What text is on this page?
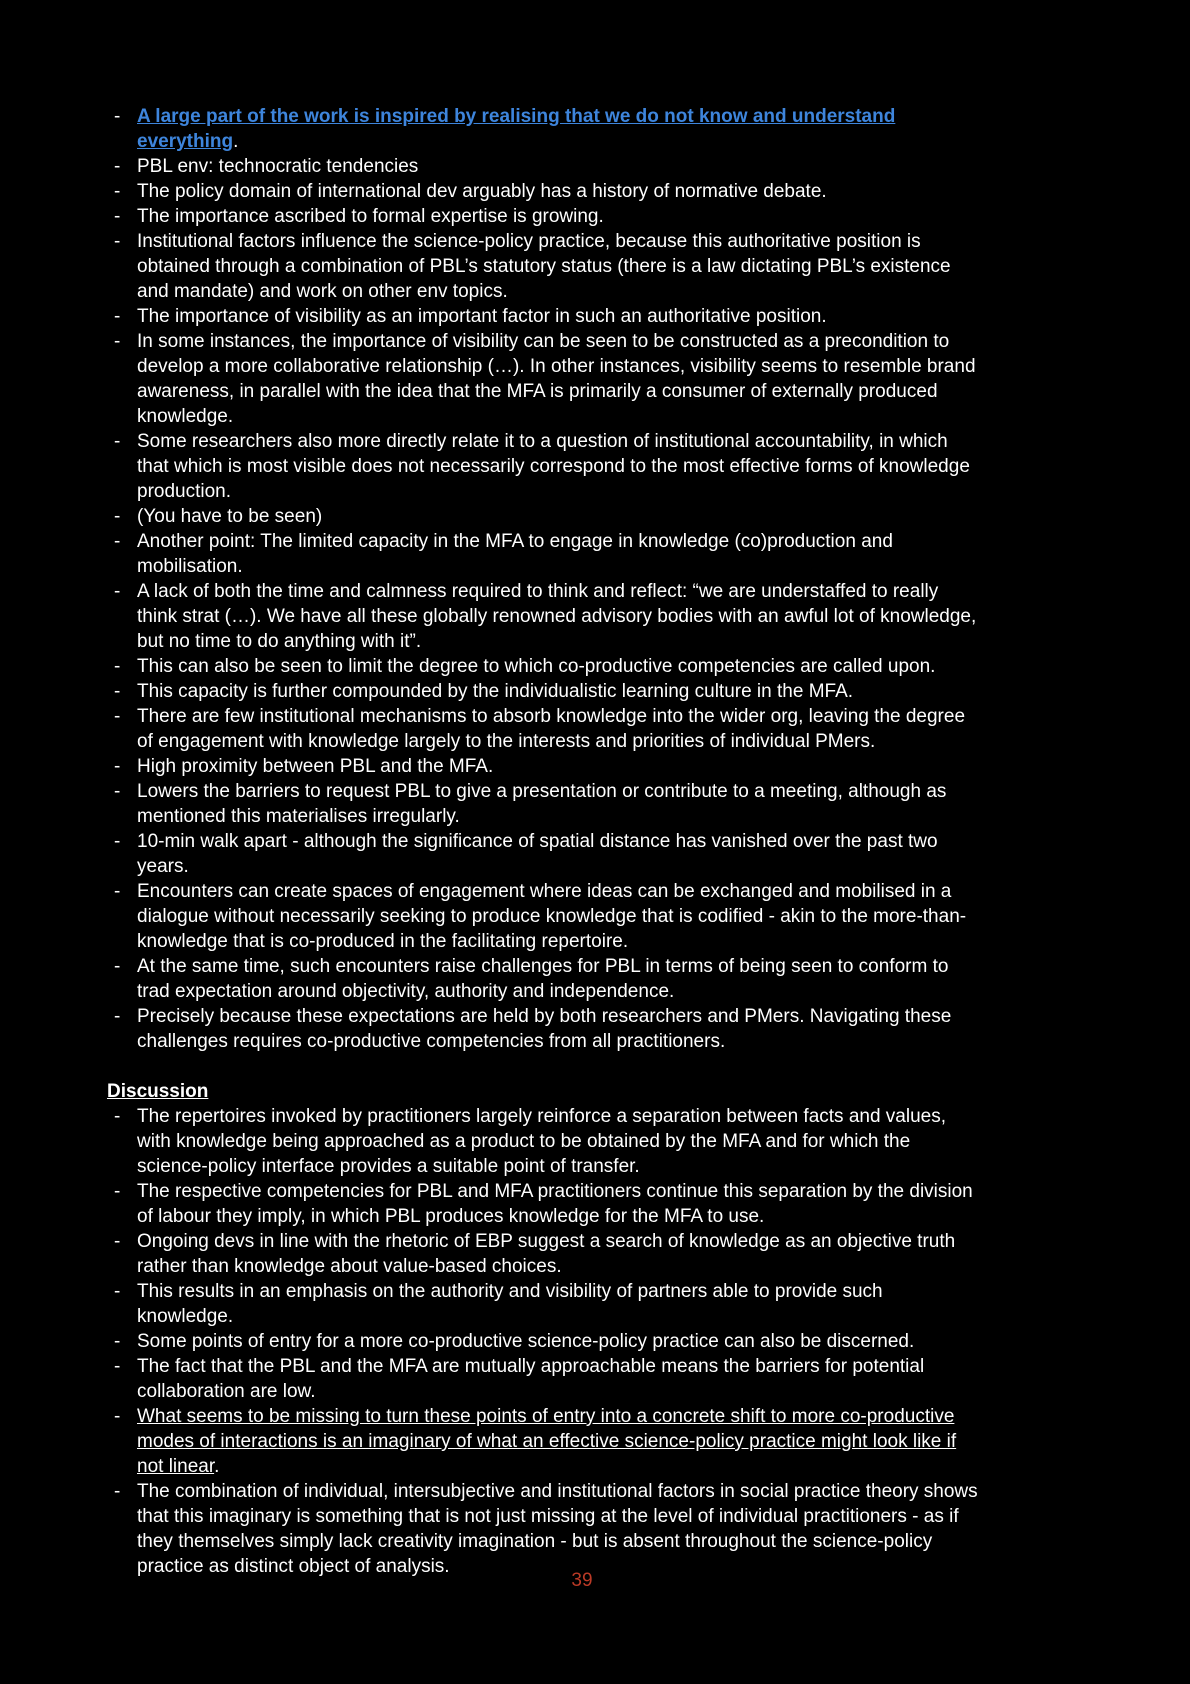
- A large part of the work is inspired by realising that we do not know and understand everything.
- PBL env: technocratic tendencies
- The policy domain of international dev arguably has a history of normative debate.
- The importance ascribed to formal expertise is growing.
- Institutional factors influence the science-policy practice, because this authoritative position is obtained through a combination of PBL’s statutory status (there is a law dictating PBL’s existence and mandate) and work on other env topics.
- The importance of visibility as an important factor in such an authoritative position.
- In some instances, the importance of visibility can be seen to be constructed as a precondition to develop a more collaborative relationship (…). In other instances, visibility seems to resemble brand awareness, in parallel with the idea that the MFA is primarily a consumer of externally produced knowledge.
- Some researchers also more directly relate it to a question of institutional accountability, in which that which is most visible does not necessarily correspond to the most effective forms of knowledge production.
- (You have to be seen)
- Another point: The limited capacity in the MFA to engage in knowledge (co)production and mobilisation.
- A lack of both the time and calmness required to think and reflect: “we are understaffed to really think strat (…). We have all these globally renowned advisory bodies with an awful lot of knowledge, but no time to do anything with it”.
- This can also be seen to limit the degree to which co-productive competencies are called upon.
- This capacity is further compounded by the individualistic learning culture in the MFA.
- There are few institutional mechanisms to absorb knowledge into the wider org, leaving the degree of engagement with knowledge largely to the interests and priorities of individual PMers.
- High proximity between PBL and the MFA.
- Lowers the barriers to request PBL to give a presentation or contribute to a meeting, although as mentioned this materialises irregularly.
- 10-min walk apart - although the significance of spatial distance has vanished over the past two years.
- Encounters can create spaces of engagement where ideas can be exchanged and mobilised in a dialogue without necessarily seeking to produce knowledge that is codified - akin to the more-than-knowledge that is co-produced in the facilitating repertoire.
- At the same time, such encounters raise challenges for PBL in terms of being seen to conform to trad expectation around objectivity, authority and independence.
- Precisely because these expectations are held by both researchers and PMers. Navigating these challenges requires co-productive competencies from all practitioners.
Discussion
- The repertoires invoked by practitioners largely reinforce a separation between facts and values, with knowledge being approached as a product to be obtained by the MFA and for which the science-policy interface provides a suitable point of transfer.
- The respective competencies for PBL and MFA practitioners continue this separation by the division of labour they imply, in which PBL produces knowledge for the MFA to use.
- Ongoing devs in line with the rhetoric of EBP suggest a search of knowledge as an objective truth rather than knowledge about value-based choices.
- This results in an emphasis on the authority and visibility of partners able to provide such knowledge.
- Some points of entry for a more co-productive science-policy practice can also be discerned.
- The fact that the PBL and the MFA are mutually approachable means the barriers for potential collaboration are low.
- What seems to be missing to turn these points of entry into a concrete shift to more co-productive modes of interactions is an imaginary of what an effective science-policy practice might look like if not linear.
- The combination of individual, intersubjective and institutional factors in social practice theory shows that this imaginary is something that is not just missing at the level of individual practitioners - as if they themselves simply lack creativity imagination - but is absent throughout the science-policy practice as distinct object of analysis.
39
